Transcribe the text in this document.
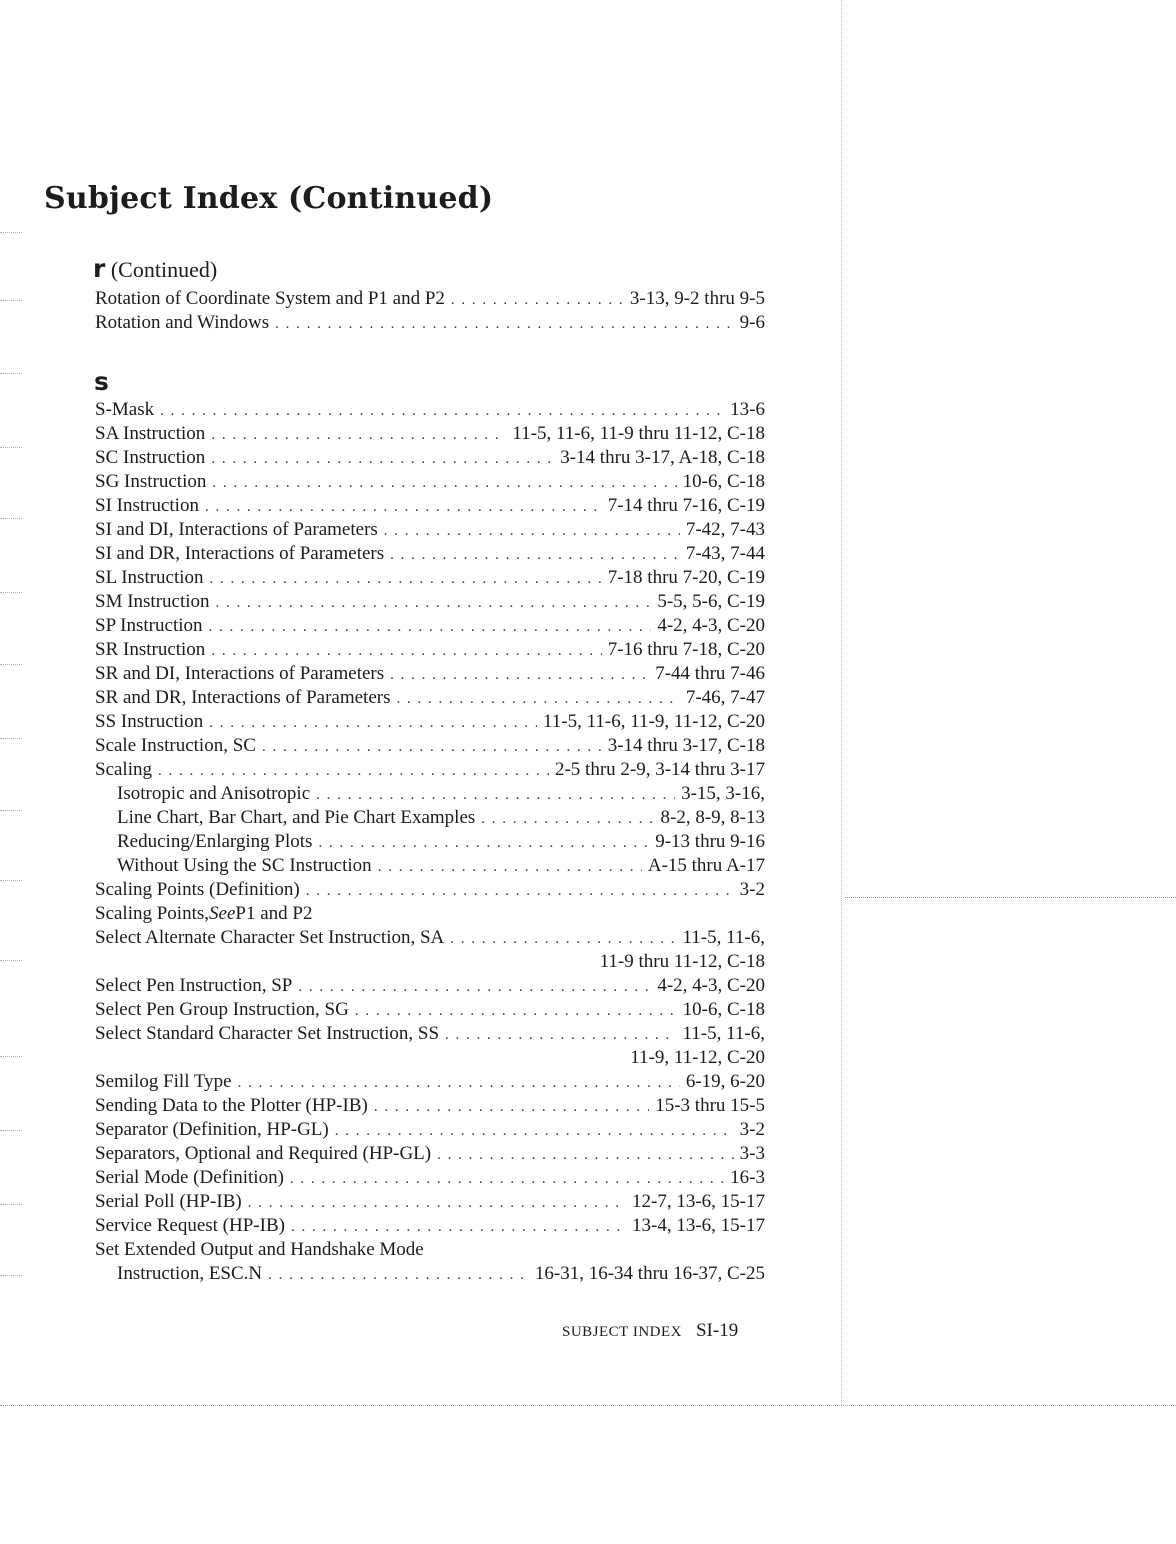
Subject Index (Continued)
r (Continued)
Rotation of Coordinate System and P1 and P2 . . .	3-13, 9-2 thru 9-5
Rotation and Windows . . .	9-6
s
S-Mask . . .	13-6
SA Instruction . . .	11-5, 11-6, 11-9 thru 11-12, C-18
SC Instruction . . .	3-14 thru 3-17, A-18, C-18
SG Instruction . . .	10-6, C-18
SI Instruction . . .	7-14 thru 7-16, C-19
SI and DI, Interactions of Parameters . . .	7-42, 7-43
SI and DR, Interactions of Parameters . . .	7-43, 7-44
SL Instruction . . .	7-18 thru 7-20, C-19
SM Instruction . . .	5-5, 5-6, C-19
SP Instruction . . .	4-2, 4-3, C-20
SR Instruction . . .	7-16 thru 7-18, C-20
SR and DI, Interactions of Parameters . . .	7-44 thru 7-46
SR and DR, Interactions of Parameters . . .	7-46, 7-47
SS Instruction . . .	11-5, 11-6, 11-9, 11-12, C-20
Scale Instruction, SC . . .	3-14 thru 3-17, C-18
Scaling . . .	2-5 thru 2-9, 3-14 thru 3-17
Isotropic and Anisotropic . . .	3-15, 3-16,
Line Chart, Bar Chart, and Pie Chart Examples . . .	8-2, 8-9, 8-13
Reducing/Enlarging Plots . . .	9-13 thru 9-16
Without Using the SC Instruction . . .	A-15 thru A-17
Scaling Points (Definition) . . .	3-2
Scaling Points, See P1 and P2
Select Alternate Character Set Instruction, SA . . .	11-5, 11-6,
11-9 thru 11-12, C-18
Select Pen Instruction, SP . . .	4-2, 4-3, C-20
Select Pen Group Instruction, SG . . .	10-6, C-18
Select Standard Character Set Instruction, SS . . .	11-5, 11-6,
11-9, 11-12, C-20
Semilog Fill Type . . .	6-19, 6-20
Sending Data to the Plotter (HP-IB) . . .	15-3 thru 15-5
Separator (Definition, HP-GL) . . .	3-2
Separators, Optional and Required (HP-GL) . . .	3-3
Serial Mode (Definition) . . .	16-3
Serial Poll (HP-IB) . . .	12-7, 13-6, 15-17
Service Request (HP-IB) . . .	13-4, 13-6, 15-17
Set Extended Output and Handshake Mode
Instruction, ESC.N . . .	16-31, 16-34 thru 16-37, C-25
SUBJECT INDEX SI-19
